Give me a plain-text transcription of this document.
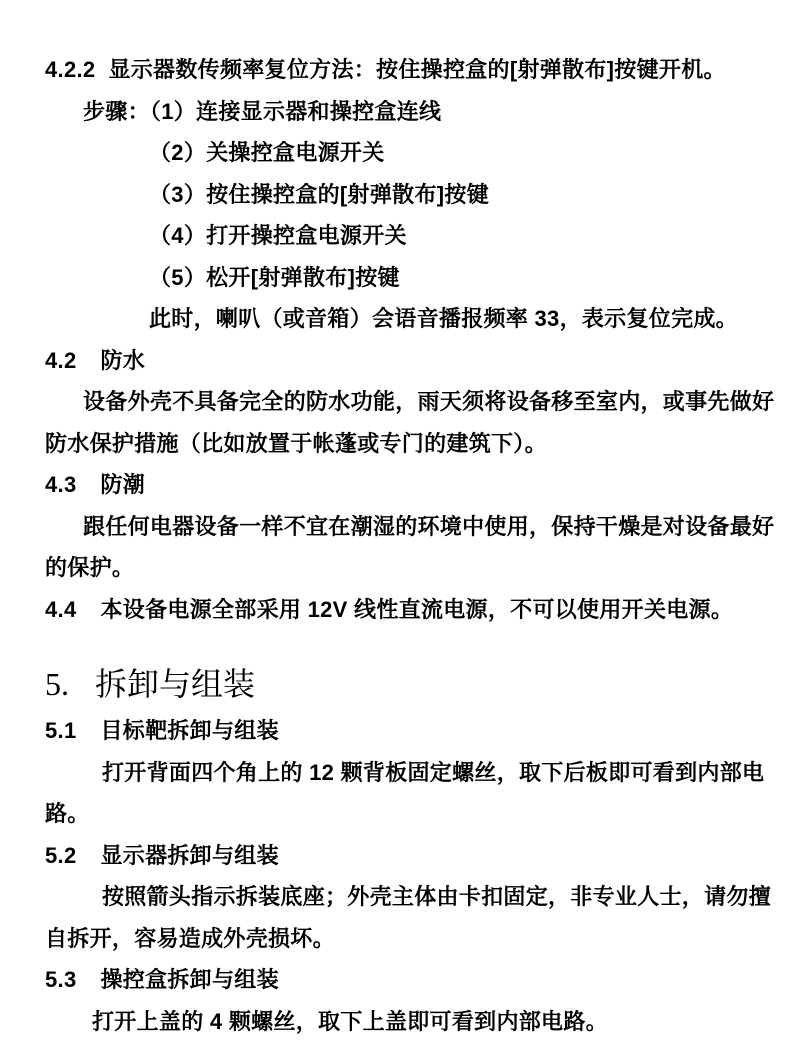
4.2.2 显示器数传频率复位方法：按住操控盒的[射弹散布]按键开机。
步骤：（1）连接显示器和操控盒连线
（2）关操控盒电源开关
（3）按住操控盒的[射弹散布]按键
（4）打开操控盒电源开关
（5）松开[射弹散布]按键
此时，喇叭（或音箱）会语音播报频率 33，表示复位完成。
4.2 防水
设备外壳不具备完全的防水功能，雨天须将设备移至室内，或事先做好
防水保护措施（比如放置于帐蓬或专门的建筑下）。
4.3 防潮
跟任何电器设备一样不宜在潮湿的环境中使用，保持干燥是对设备最好
的保护。
4.4 本设备电源全部采用 12V 线性直流电源，不可以使用开关电源。
5. 拆卸与组装
5.1 目标靶拆卸与组装
打开背面四个角上的 12 颗背板固定螺丝，取下后板即可看到内部电
路。
5.2 显示器拆卸与组装
按照箭头指示拆装底座；外壳主体由卡扣固定，非专业人士，请勿擅
自拆开，容易造成外壳损坏。
5.3 操控盒拆卸与组装
打开上盖的 4 颗螺丝，取下上盖即可看到内部电路。
